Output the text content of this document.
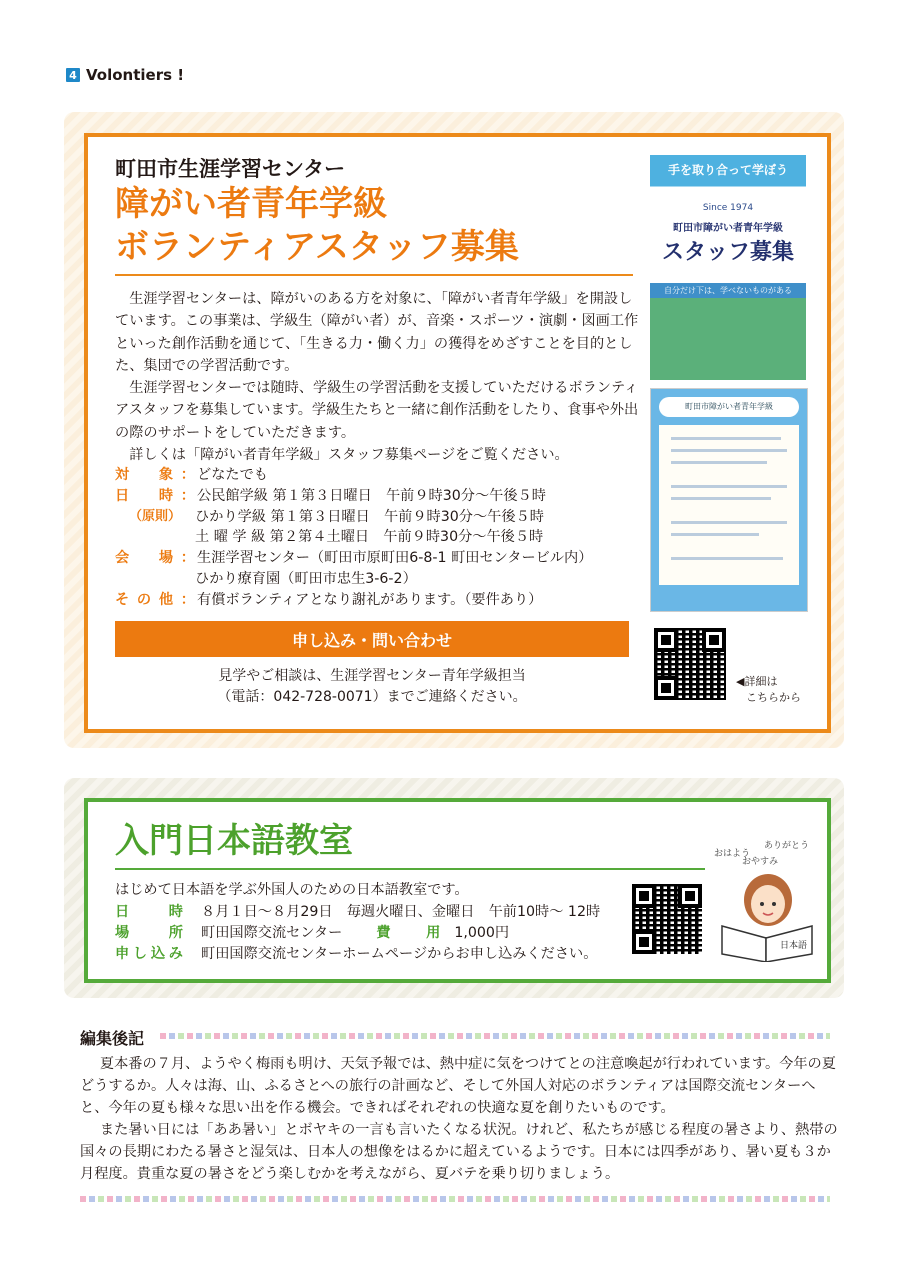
4 Volontiers !
町田市生涯学習センター
障がい者青年学級
ボランティアスタッフ募集

生涯学習センターは、障がいのある方を対象に、「障がい者青年学級」を開設しています。この事業は、学級生（障がい者）が、音楽・スポーツ・演劇・図画工作といった創作活動を通じて、「生きる力・働く力」の獲得をめざすことを目的とした、集団での学習活動です。

生涯学習センターでは随時、学級生の学習活動を支援していただけるボランティアスタッフを募集しています。学級生たちと一緒に創作活動をしたり、食事や外出の際のサポートをしていただきます。

詳しくは「障がい者青年学級」スタッフ募集ページをご覧ください。

対　象： どなたでも
日　時： 公民館学級 第１第３日曜日　午前９時30分～午後５時
（原則） ひかり学級 第１第３日曜日　午前９時30分～午後５時
土 曜 学 級 第２第４土曜日　午前９時30分～午後５時
会　場： 生涯学習センター（町田市原町田6-8-1 町田センタービル内）
ひかり療育園（町田市忠生3-6-2）
その他： 有償ボランティアとなり謝礼があります。（要件あり）
申し込み・問い合わせ
見学やご相談は、生涯学習センター青年学級担当
（電話：042-728-0071）までご連絡ください。
手を取り合って学ぼう
Since 1974
町田市障がい者青年学級
スタッフ募集
自分だけ下は、学べないものがある
町田市障がい者青年学級
◀詳細は
こちらから
入門日本語教室
はじめて日本語を学ぶ外国人のための日本語教室です。
日　時 ８月１日～８月29日　毎週火曜日、金曜日　午前10時～ 12時
場　所 町田国際交流センター 費　用 1,000円
申し込み 町田国際交流センターホームページからお申し込みください。
おはよう
ありがとう
おやすみ
日本語
編集後記

夏本番の７月、ようやく梅雨も明け、天気予報では、熱中症に気をつけてとの注意喚起が行われています。今年の夏どうするか。人々は海、山、ふるさとへの旅行の計画など、そして外国人対応のボランティアは国際交流センターへと、今年の夏も様々な思い出を作る機会。できればそれぞれの快適な夏を創りたいものです。

また暑い日には「ああ暑い」とボヤキの一言も言いたくなる状況。けれど、私たちが感じる程度の暑さより、熱帯の国々の長期にわたる暑さと湿気は、日本人の想像をはるかに超えているようです。日本には四季があり、暑い夏も３か月程度。貴重な夏の暑さをどう楽しむかを考えながら、夏バテを乗り切りましょう。
